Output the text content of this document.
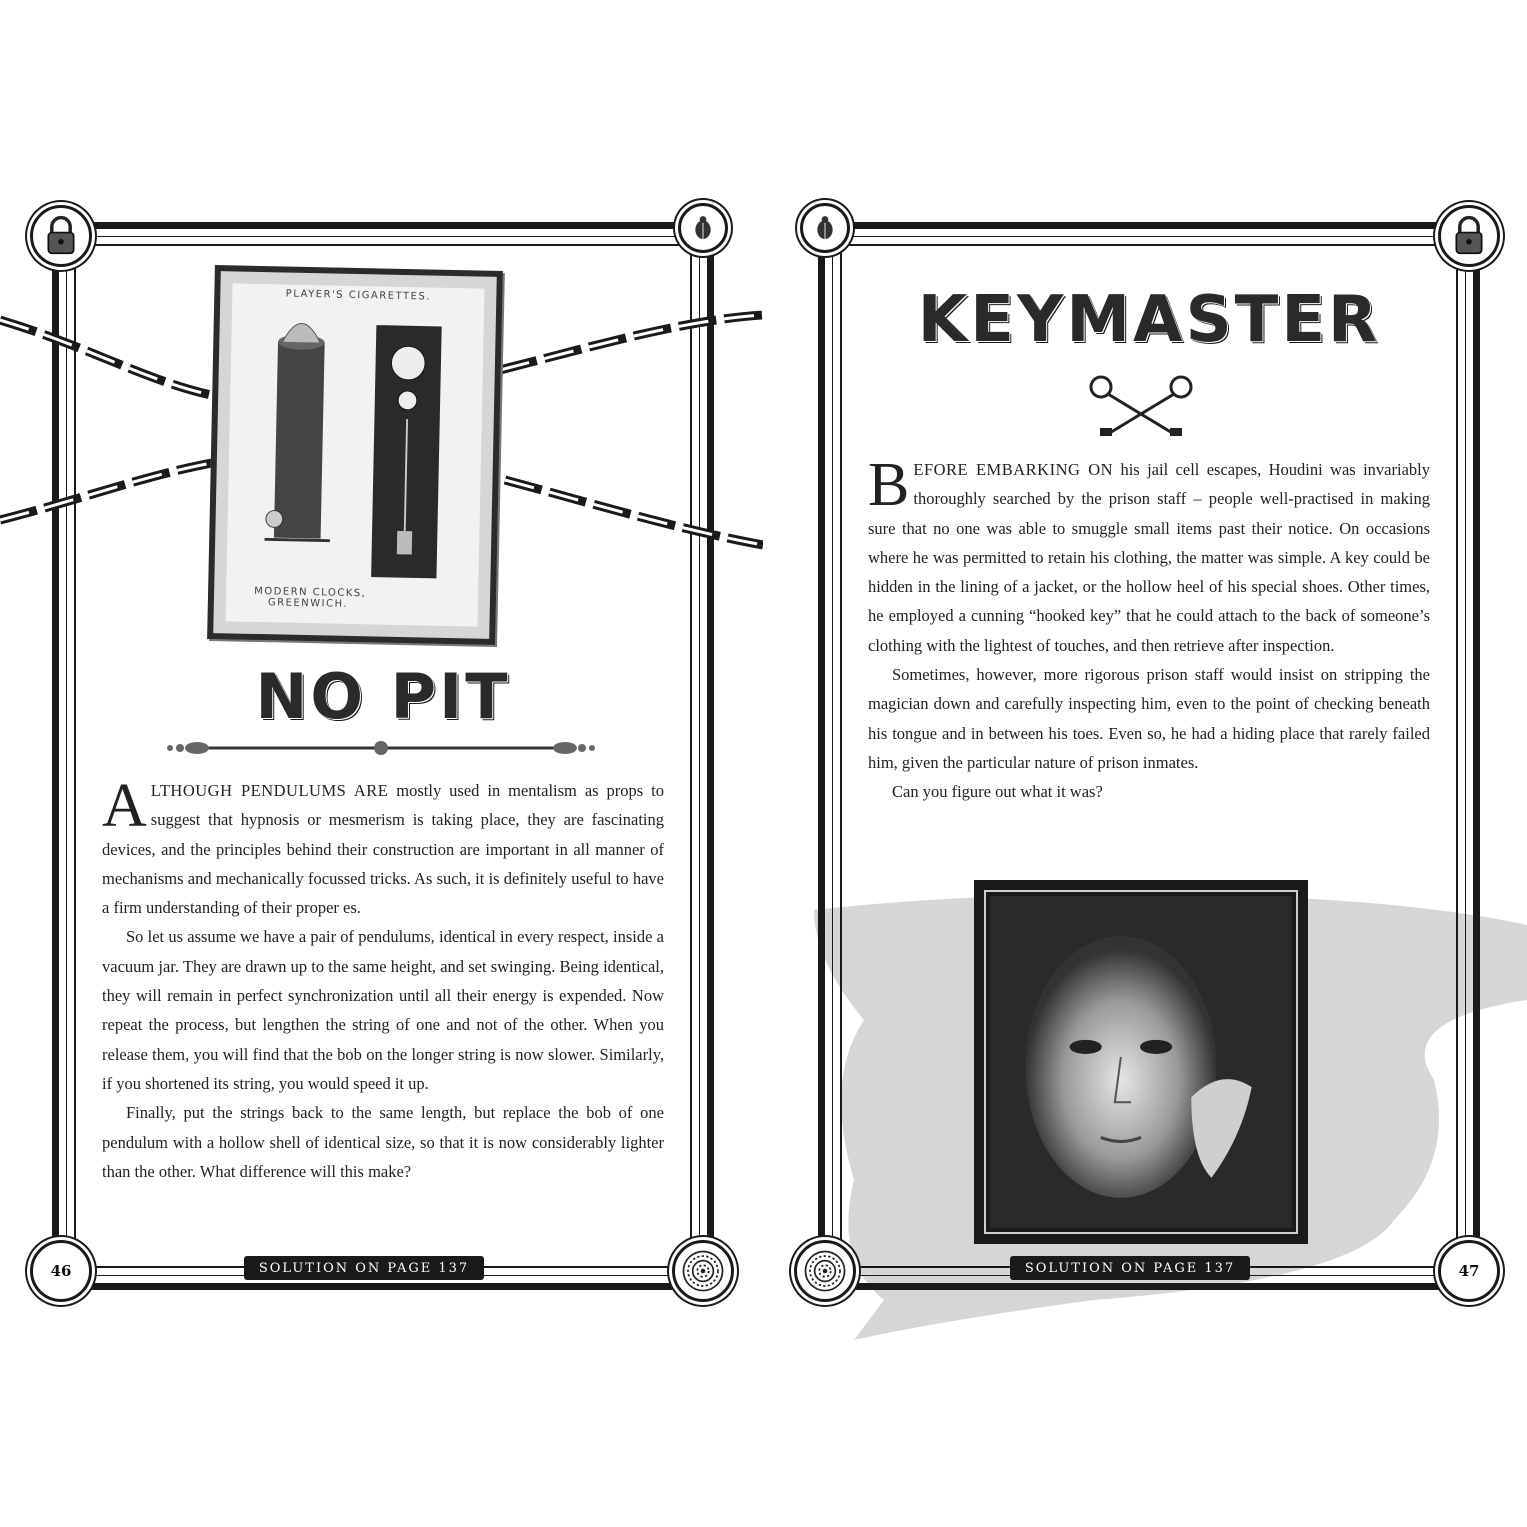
46	SOLUTION ON PAGE 137
PLAYER'S CIGARETTES.
MODERN CLOCKS,
GREENWICH.
NO PIT

ALTHOUGH PENDULUMS ARE mostly used in mentalism as props to suggest that hypnosis or mesmerism is taking place, they are fascinating devices, and the principles behind their construction are important in all manner of mechanisms and mechanically focussed tricks. As such, it is definitely useful to have a firm understanding of their proper es.

So let us assume we have a pair of pendulums, identical in every respect, inside a vacuum jar. They are drawn up to the same height, and set swinging. Being identical, they will remain in perfect synchronization until all their energy is expended. Now repeat the process, but lengthen the string of one and not of the other. When you release them, you will find that the bob on the longer string is now slower. Similarly, if you shortened its string, you would speed it up.

Finally, put the strings back to the same length, but replace the bob of one pendulum with a hollow shell of identical size, so that it is now considerably lighter than the other. What difference will this make?

47
SOLUTION ON PAGE 137
KEYMASTER

BEFORE EMBARKING ON his jail cell escapes, Houdini was invariably thoroughly searched by the prison staff – people well-practised in making sure that no one was able to smuggle small items past their notice. On occasions where he was permitted to retain his clothing, the matter was simple. A key could be hidden in the lining of a jacket, or the hollow heel of his special shoes. Other times, he employed a cunning “hooked key” that he could attach to the back of someone’s clothing with the lightest of touches, and then retrieve after inspection.

Sometimes, however, more rigorous prison staff would insist on stripping the magician down and carefully inspecting him, even to the point of checking beneath his tongue and in between his toes. Even so, he had a hiding place that rarely failed him, given the particular nature of prison inmates.

Can you figure out what it was?
